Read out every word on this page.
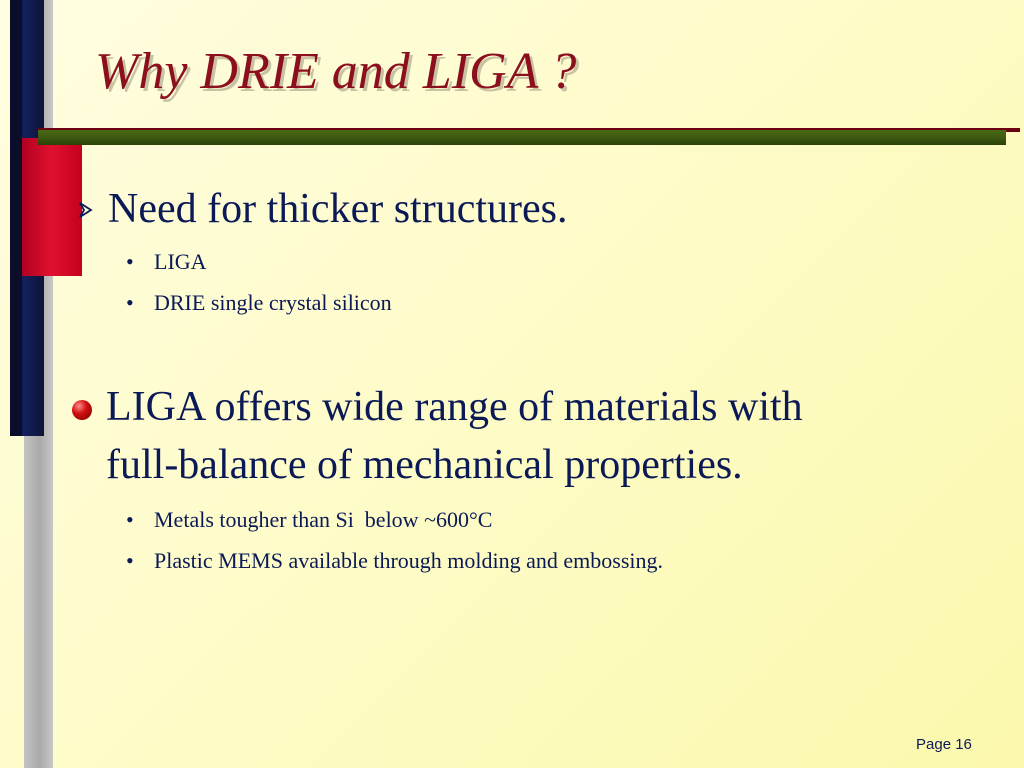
Why DRIE and LIGA ?
Need for thicker structures.
• LIGA
• DRIE single crystal silicon
LIGA offers wide range of materials with
full-balance of mechanical properties.
• Metals tougher than Si  below ~600°C
• Plastic MEMS available through molding and embossing.
Page 16
